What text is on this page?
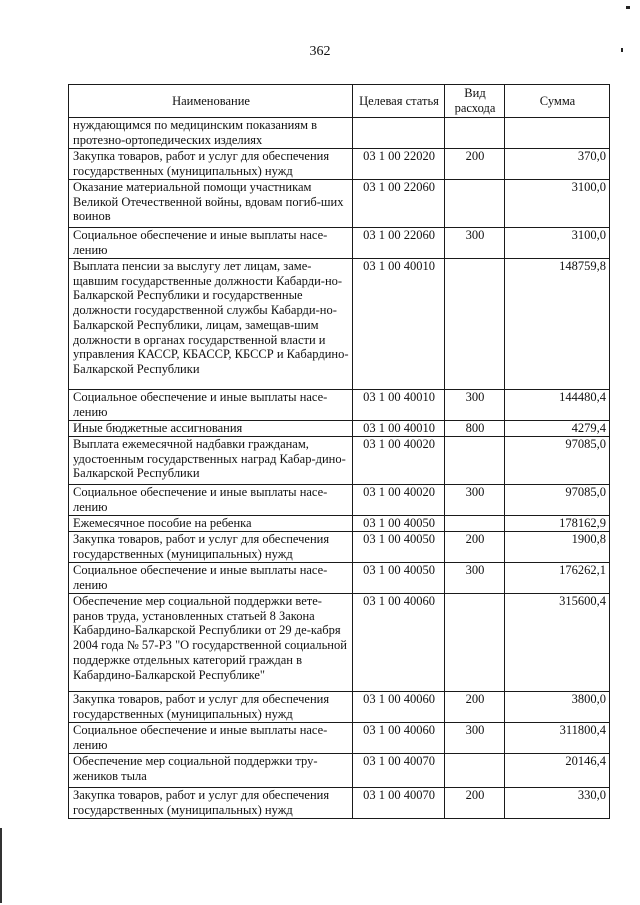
362
Наименование	Целевая статья	Вид расхода	Сумма
нуждающимся по медицинским показаниям в протезно-ортопедических изделиях			
Закупка товаров, работ и услуг для обеспечения государственных (муниципальных) нужд	03 1 00 22020	200	370,0
Оказание материальной помощи участникам Великой Отечественной войны, вдовам погиб-ших воинов	03 1 00 22060		3100,0
Социальное обеспечение и иные выплаты насе-лению	03 1 00 22060	300	3100,0
Выплата пенсии за выслугу лет лицам, заме-щавшим государственные должности Кабарди-но-Балкарской Республики и государственные должности государственной службы Кабарди-но-Балкарской Республики, лицам, замещав-шим должности в органах государственной власти и управления КАССР, КБАССР, КБССР и Кабардино-Балкарской Республики	03 1 00 40010		148759,8
Социальное обеспечение и иные выплаты насе-лению	03 1 00 40010	300	144480,4
Иные бюджетные ассигнования	03 1 00 40010	800	4279,4
Выплата ежемесячной надбавки гражданам, удостоенным государственных наград Кабар-дино-Балкарской Республики	03 1 00 40020		97085,0
Социальное обеспечение и иные выплаты насе-лению	03 1 00 40020	300	97085,0
Ежемесячное пособие на ребенка	03 1 00 40050		178162,9
Закупка товаров, работ и услуг для обеспечения государственных (муниципальных) нужд	03 1 00 40050	200	1900,8
Социальное обеспечение и иные выплаты насе-лению	03 1 00 40050	300	176262,1
Обеспечение мер социальной поддержки вете-ранов труда, установленных статьей 8 Закона Кабардино-Балкарской Республики от 29 де-кабря 2004 года № 57-РЗ "О государственной социальной поддержке отдельных категорий граждан в Кабардино-Балкарской Республике"	03 1 00 40060		315600,4
Закупка товаров, работ и услуг для обеспечения государственных (муниципальных) нужд	03 1 00 40060	200	3800,0
Социальное обеспечение и иные выплаты насе-лению	03 1 00 40060	300	311800,4
Обеспечение мер социальной поддержки тру-жеников тыла	03 1 00 40070		20146,4
Закупка товаров, работ и услуг для обеспечения государственных (муниципальных) нужд	03 1 00 40070	200	330,0
